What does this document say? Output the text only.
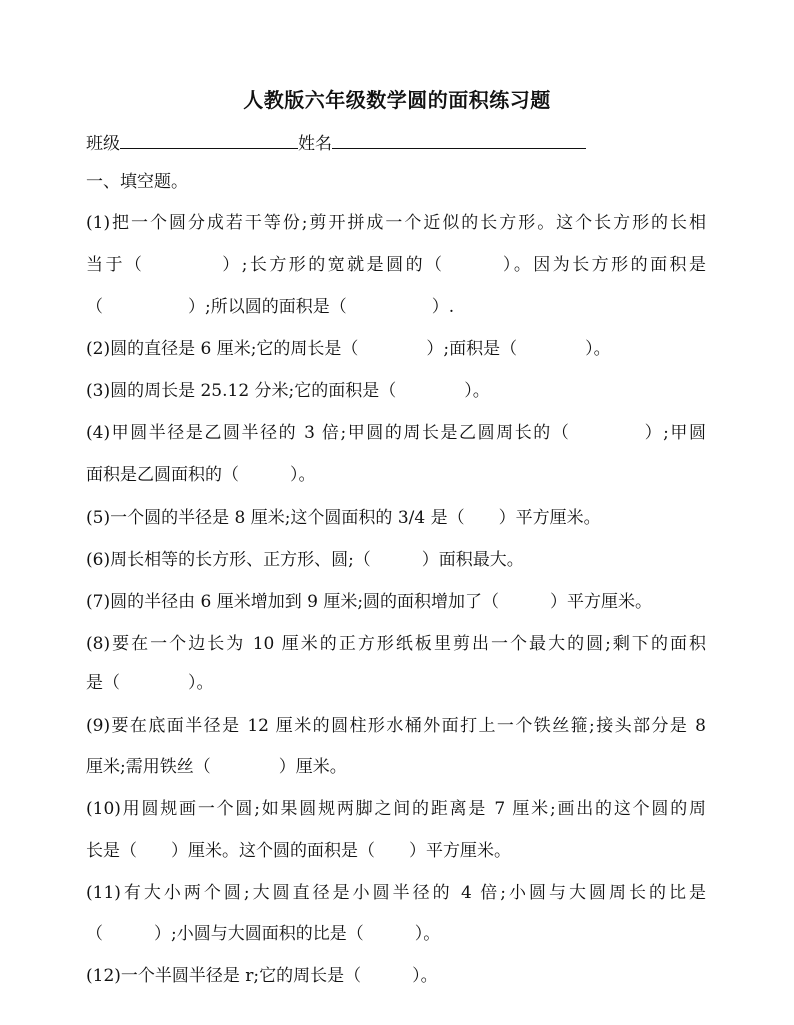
人教版六年级数学圆的面积练习题
班级	姓名
一、填空题。
(1)把一个圆分成若干等份;剪开拼成一个近似的长方形。这个长方形的长相
当于（　　　　）;长方形的宽就是圆的（　　　）。因为长方形的面积是
（　　　　　）;所以圆的面积是（　　　　　）.
(2)圆的直径是 6 厘米;它的周长是（　　　　）;面积是（　　　　）。
(3)圆的周长是 25.12 分米;它的面积是（　　　　）。
(4)甲圆半径是乙圆半径的 3 倍;甲圆的周长是乙圆周长的（　　　　）;甲圆
面积是乙圆面积的（　　　）。
(5)一个圆的半径是 8 厘米;这个圆面积的 3/4 是（　　）平方厘米。
(6)周长相等的长方形、正方形、圆;（　　　）面积最大。
(7)圆的半径由 6 厘米增加到 9 厘米;圆的面积增加了（　　　）平方厘米。
(8)要在一个边长为 10 厘米的正方形纸板里剪出一个最大的圆;剩下的面积
是（　　　　）。
(9)要在底面半径是 12 厘米的圆柱形水桶外面打上一个铁丝箍;接头部分是 8
厘米;需用铁丝（　　　　）厘米。
(10)用圆规画一个圆;如果圆规两脚之间的距离是 7 厘米;画出的这个圆的周
长是（　　）厘米。这个圆的面积是（　　）平方厘米。
(11)有大小两个圆;大圆直径是小圆半径的 4 倍;小圆与大圆周长的比是
（　　　）;小圆与大圆面积的比是（　　　）。
(12)一个半圆半径是 r;它的周长是（　　　）。
